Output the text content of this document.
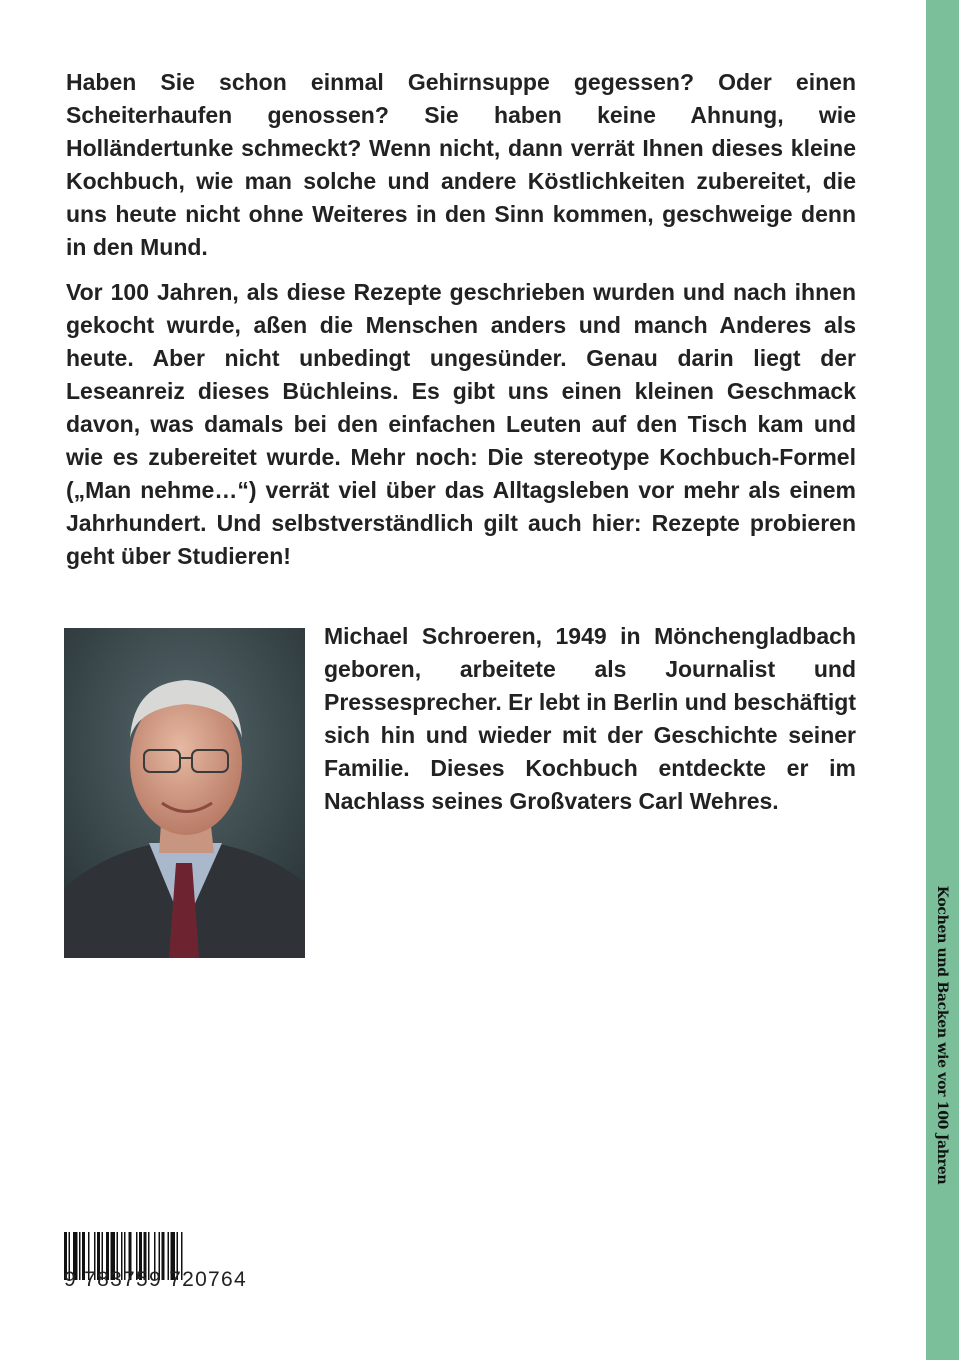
Haben Sie schon einmal Gehirnsuppe gegessen? Oder einen Scheiterhaufen genossen? Sie haben keine Ahnung, wie Holländertunke schmeckt? Wenn nicht, dann verrät Ihnen dieses kleine Kochbuch, wie man solche und andere Köstlichkeiten zubereitet, die uns heute nicht ohne Weiteres in den Sinn kommen, geschweige denn in den Mund.

Vor 100 Jahren, als diese Rezepte geschrieben wurden und nach ihnen gekocht wurde, aßen die Menschen anders und manch Anderes als heute. Aber nicht unbedingt ungesünder. Genau darin liegt der Leseanreiz dieses Büchleins. Es gibt uns einen kleinen Geschmack davon, was damals bei den einfachen Leuten auf den Tisch kam und wie es zubereitet wurde. Mehr noch: Die stereotype Kochbuch-Formel („Man nehme…“) verrät viel über das Alltagsleben vor mehr als einem Jahrhundert. Und selbstverständlich gilt auch hier: Rezepte probieren geht über Studieren!

Michael Schroeren, 1949 in Mönchengladbach geboren, arbeitete als Journalist und Pressesprecher. Er lebt in Berlin und beschäftigt sich hin und wieder mit der Geschichte seiner Familie. Dieses Kochbuch entdeckte er im Nachlass seines Großvaters Carl Wehres.

9 783759 720764
Kochen und Backen wie vor 100 Jahren
